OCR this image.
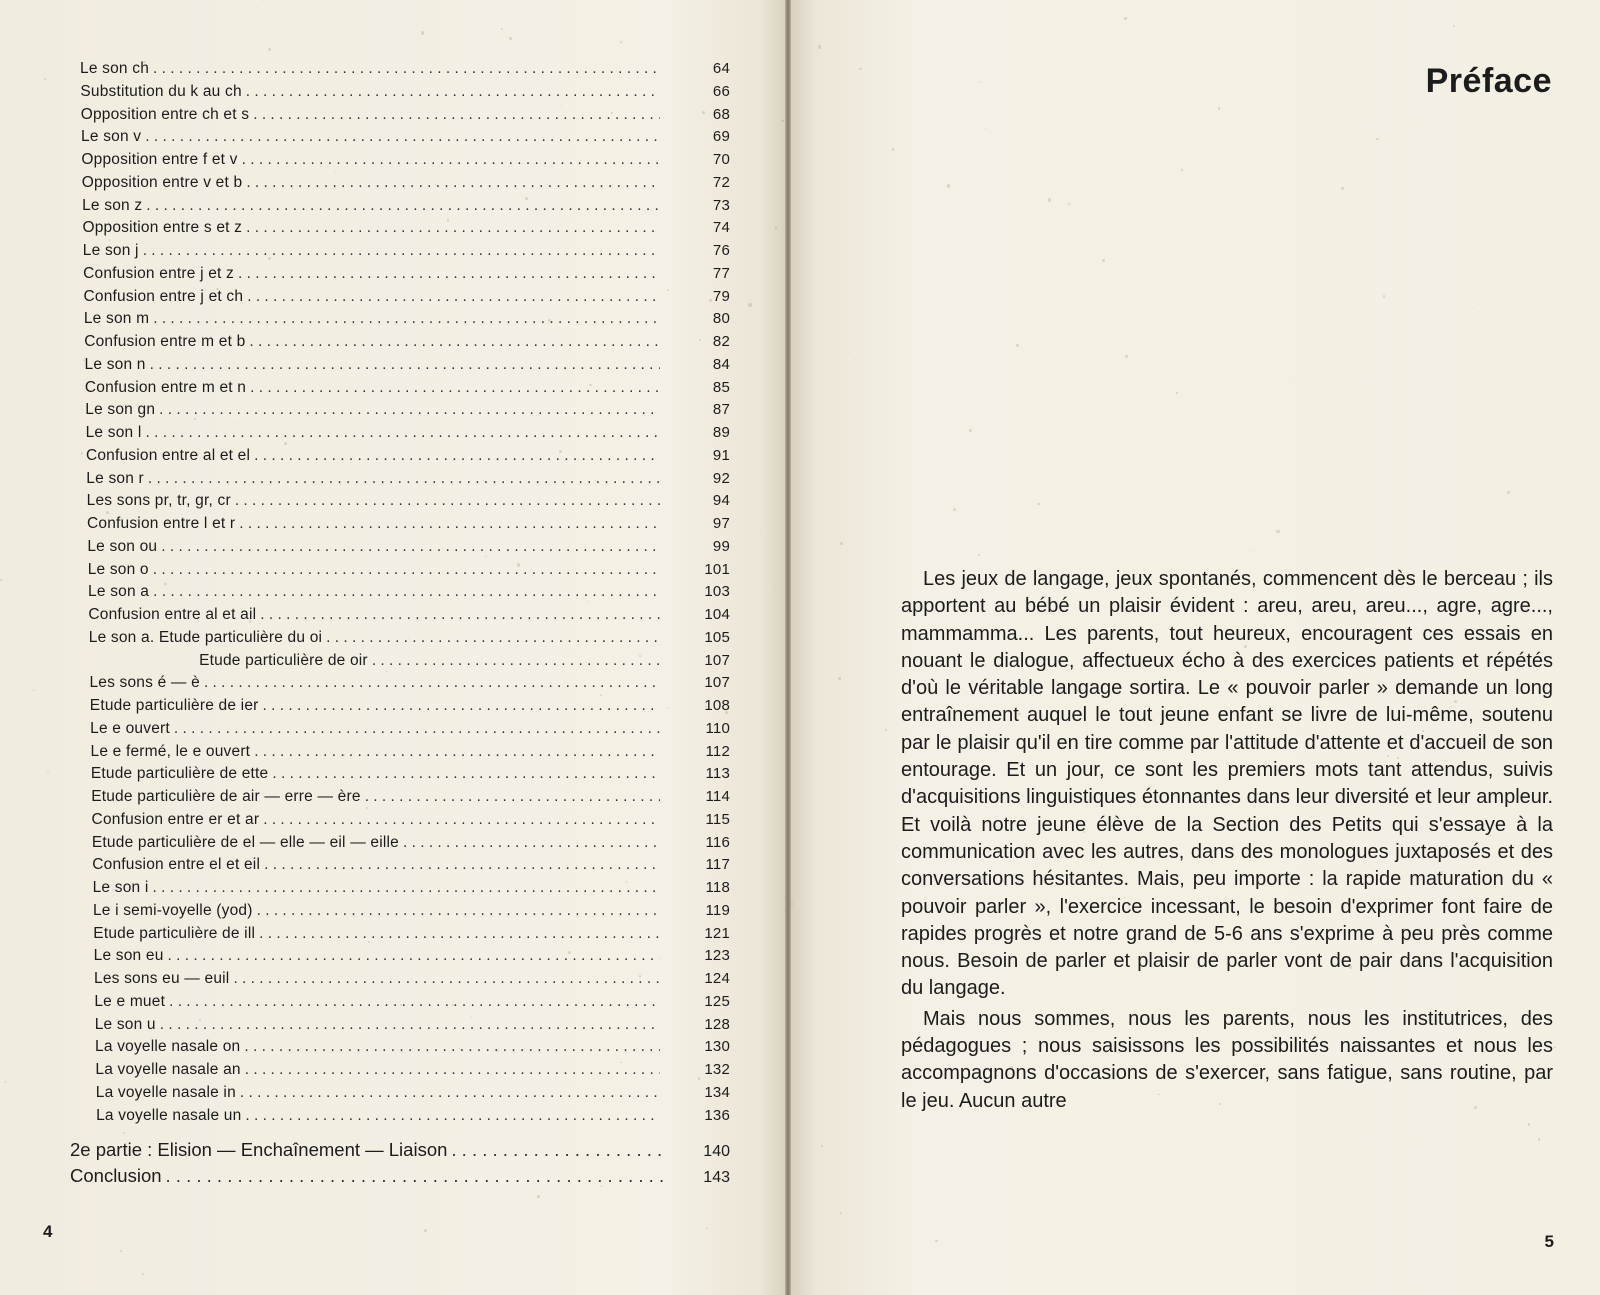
Le son ch . . .	64
Substitution du k au ch . . .	66
Opposition entre ch et s . . .	68
Le son v . . .	69
Opposition entre f et v . . .	70
Opposition entre v et b . . .	72
Le son z . . .	73
Opposition entre s et z . . .	74
Le son j . . .	76
Confusion entre j et z . . .	77
Confusion entre j et ch . . .	79
Le son m . . .	80
Confusion entre m et b . . .	82
Le son n . . .	84
Confusion entre m et n . . .	85
Le son gn . . .	87
Le son l . . .	89
Confusion entre al et el . . .	91
Le son r . . .	92
Les sons pr, tr, gr, cr . . .	94
Confusion entre l et r . . .	97
Le son ou . . .	99
Le son o . . .	101
Le son a . . .	103
Confusion entre al et ail . . .	104
Le son a. Etude particulière du oi . . .	105
Etude particulière de oir . . .	107
Les sons é — è . . .	107
Etude particulière de ier . . .	108
Le e ouvert . . .	110
Le e fermé, le e ouvert . . .	112
Etude particulière de ette . . .	113
Etude particulière de air — erre — ère . . .	114
Confusion entre er et ar . . .	115
Etude particulière de el — elle — eil — eille . . .	116
Confusion entre el et eil . . .	117
Le son i . . .	118
Le i semi-voyelle (yod) . . .	119
Etude particulière de ill . . .	121
Le son eu . . .	123
Les sons eu — euil . . .	124
Le e muet . . .	125
Le son u . . .	128
La voyelle nasale on . . .	130
La voyelle nasale an . . .	132
La voyelle nasale in . . .	134
La voyelle nasale un . . .	136
2e partie : Elision — Enchaînement — Liaison . . .	140
Conclusion . . .	143
4
Préface

Les jeux de langage, jeux spontanés, commencent dès le berceau ; ils apportent au bébé un plaisir évident : areu, areu, areu..., agre, agre..., mammamma... Les parents, tout heureux, encouragent ces essais en nouant le dialogue, affectueux écho à des exercices patients et répétés d'où le véritable langage sortira. Le « pouvoir parler » demande un long entraînement auquel le tout jeune enfant se livre de lui-même, soutenu par le plaisir qu'il en tire comme par l'attitude d'attente et d'accueil de son entourage. Et un jour, ce sont les premiers mots tant attendus, suivis d'acquisitions linguistiques étonnantes dans leur diversité et leur ampleur. Et voilà notre jeune élève de la Section des Petits qui s'essaye à la communication avec les autres, dans des monologues juxtaposés et des conversations hésitantes. Mais, peu importe : la rapide maturation du « pouvoir parler », l'exercice incessant, le besoin d'exprimer font faire de rapides progrès et notre grand de 5-6 ans s'exprime à peu près comme nous. Besoin de parler et plaisir de parler vont de pair dans l'acquisition du langage.

Mais nous sommes, nous les parents, nous les institutrices, des pédagogues ; nous saisissons les possibilités naissantes et nous les accompagnons d'occasions de s'exercer, sans fatigue, sans routine, par le jeu. Aucun autre

5
